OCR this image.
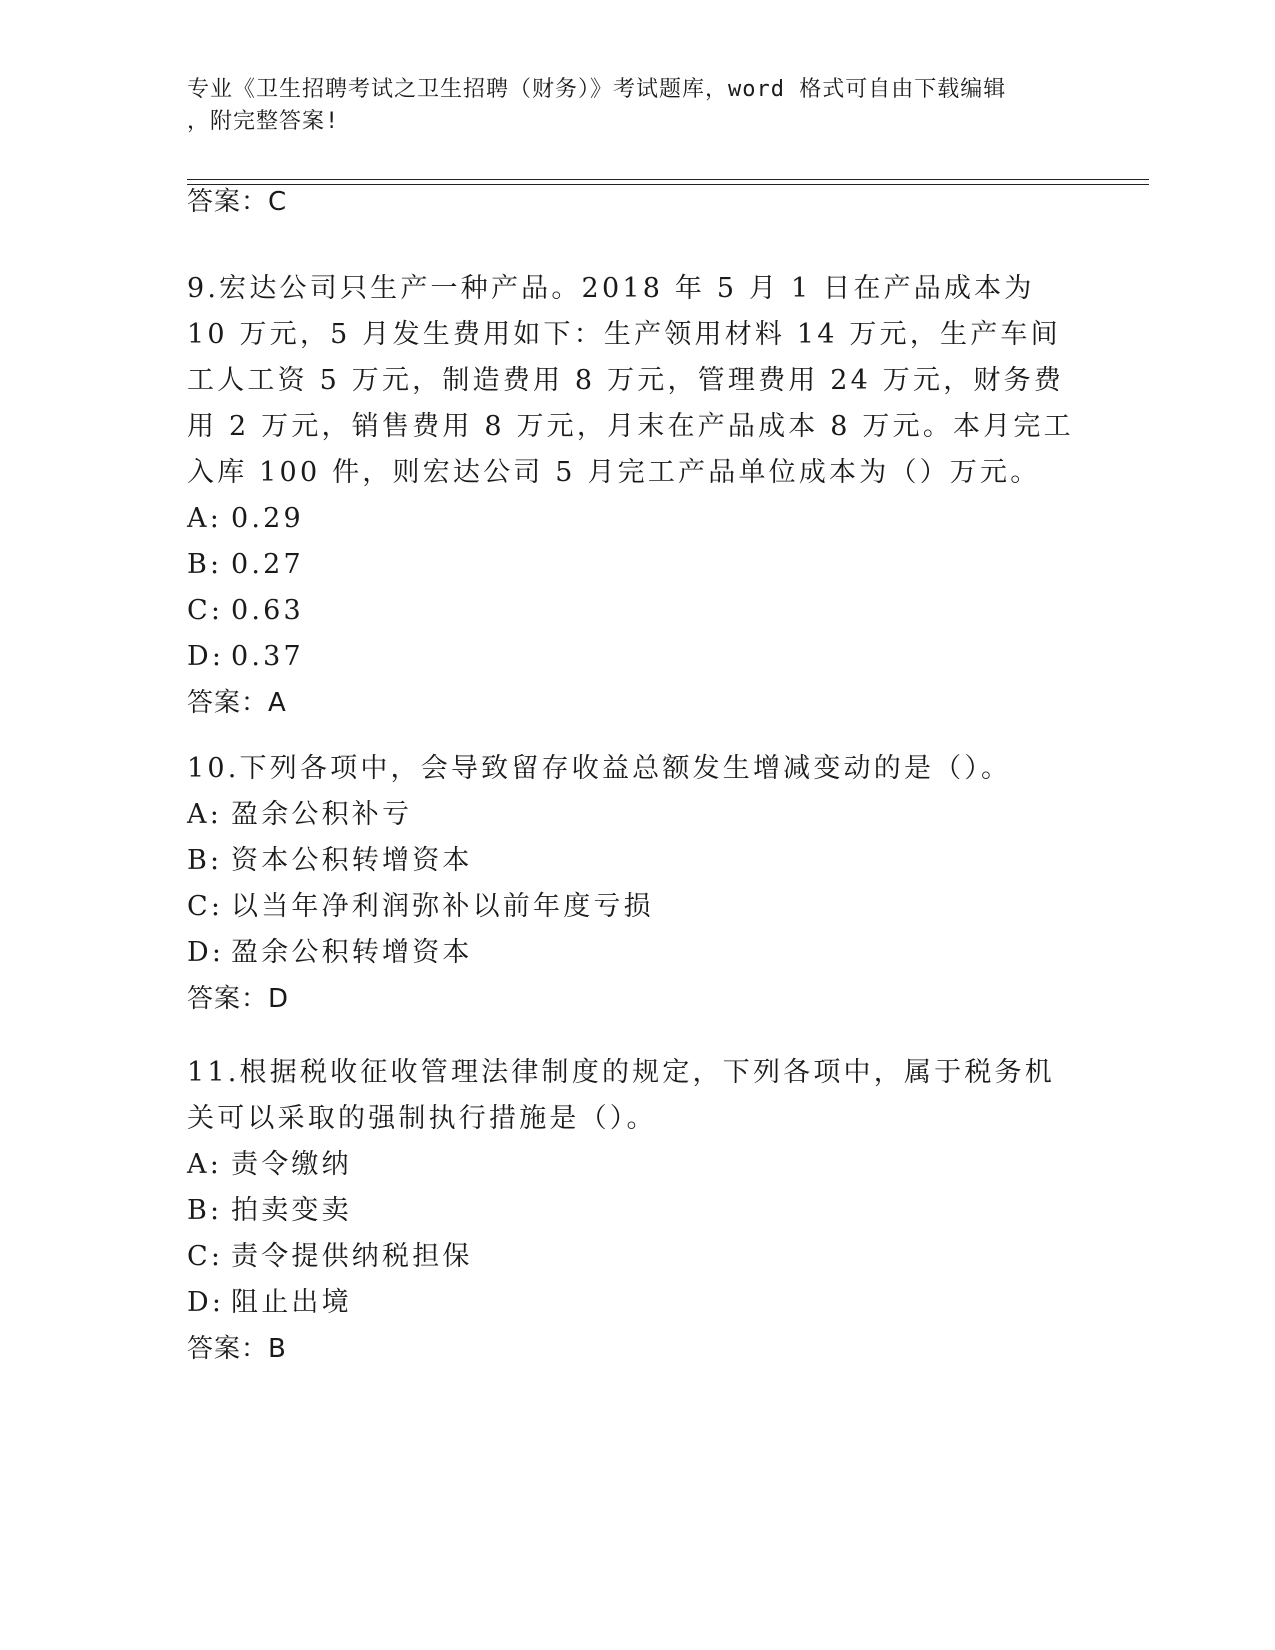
专业《卫生招聘考试之卫生招聘（财务）》考试题库，word 格式可自由下载编辑
，附完整答案!
答案：C

9.宏达公司只生产一种产品。2018 年 5 月 1 日在产品成本为 10 万元，5 月发生费用如下：生产领用材料 14 万元，生产车间工人工资 5 万元，制造费用 8 万元，管理费用 24 万元，财务费用 2 万元，销售费用 8 万元，月末在产品成本 8 万元。本月完工入库 100 件，则宏达公司 5 月完工产品单位成本为（）万元。

A: 0.29

B: 0.27

C: 0.63

D: 0.37

答案：A

10.下列各项中，会导致留存收益总额发生增减变动的是（）。

A: 盈余公积补亏

B: 资本公积转增资本

C: 以当年净利润弥补以前年度亏损

D: 盈余公积转增资本

答案：D

11.根据税收征收管理法律制度的规定，下列各项中，属于税务机关可以采取的强制执行措施是（）。

A: 责令缴纳

B: 拍卖变卖

C: 责令提供纳税担保

D: 阻止出境

答案：B
